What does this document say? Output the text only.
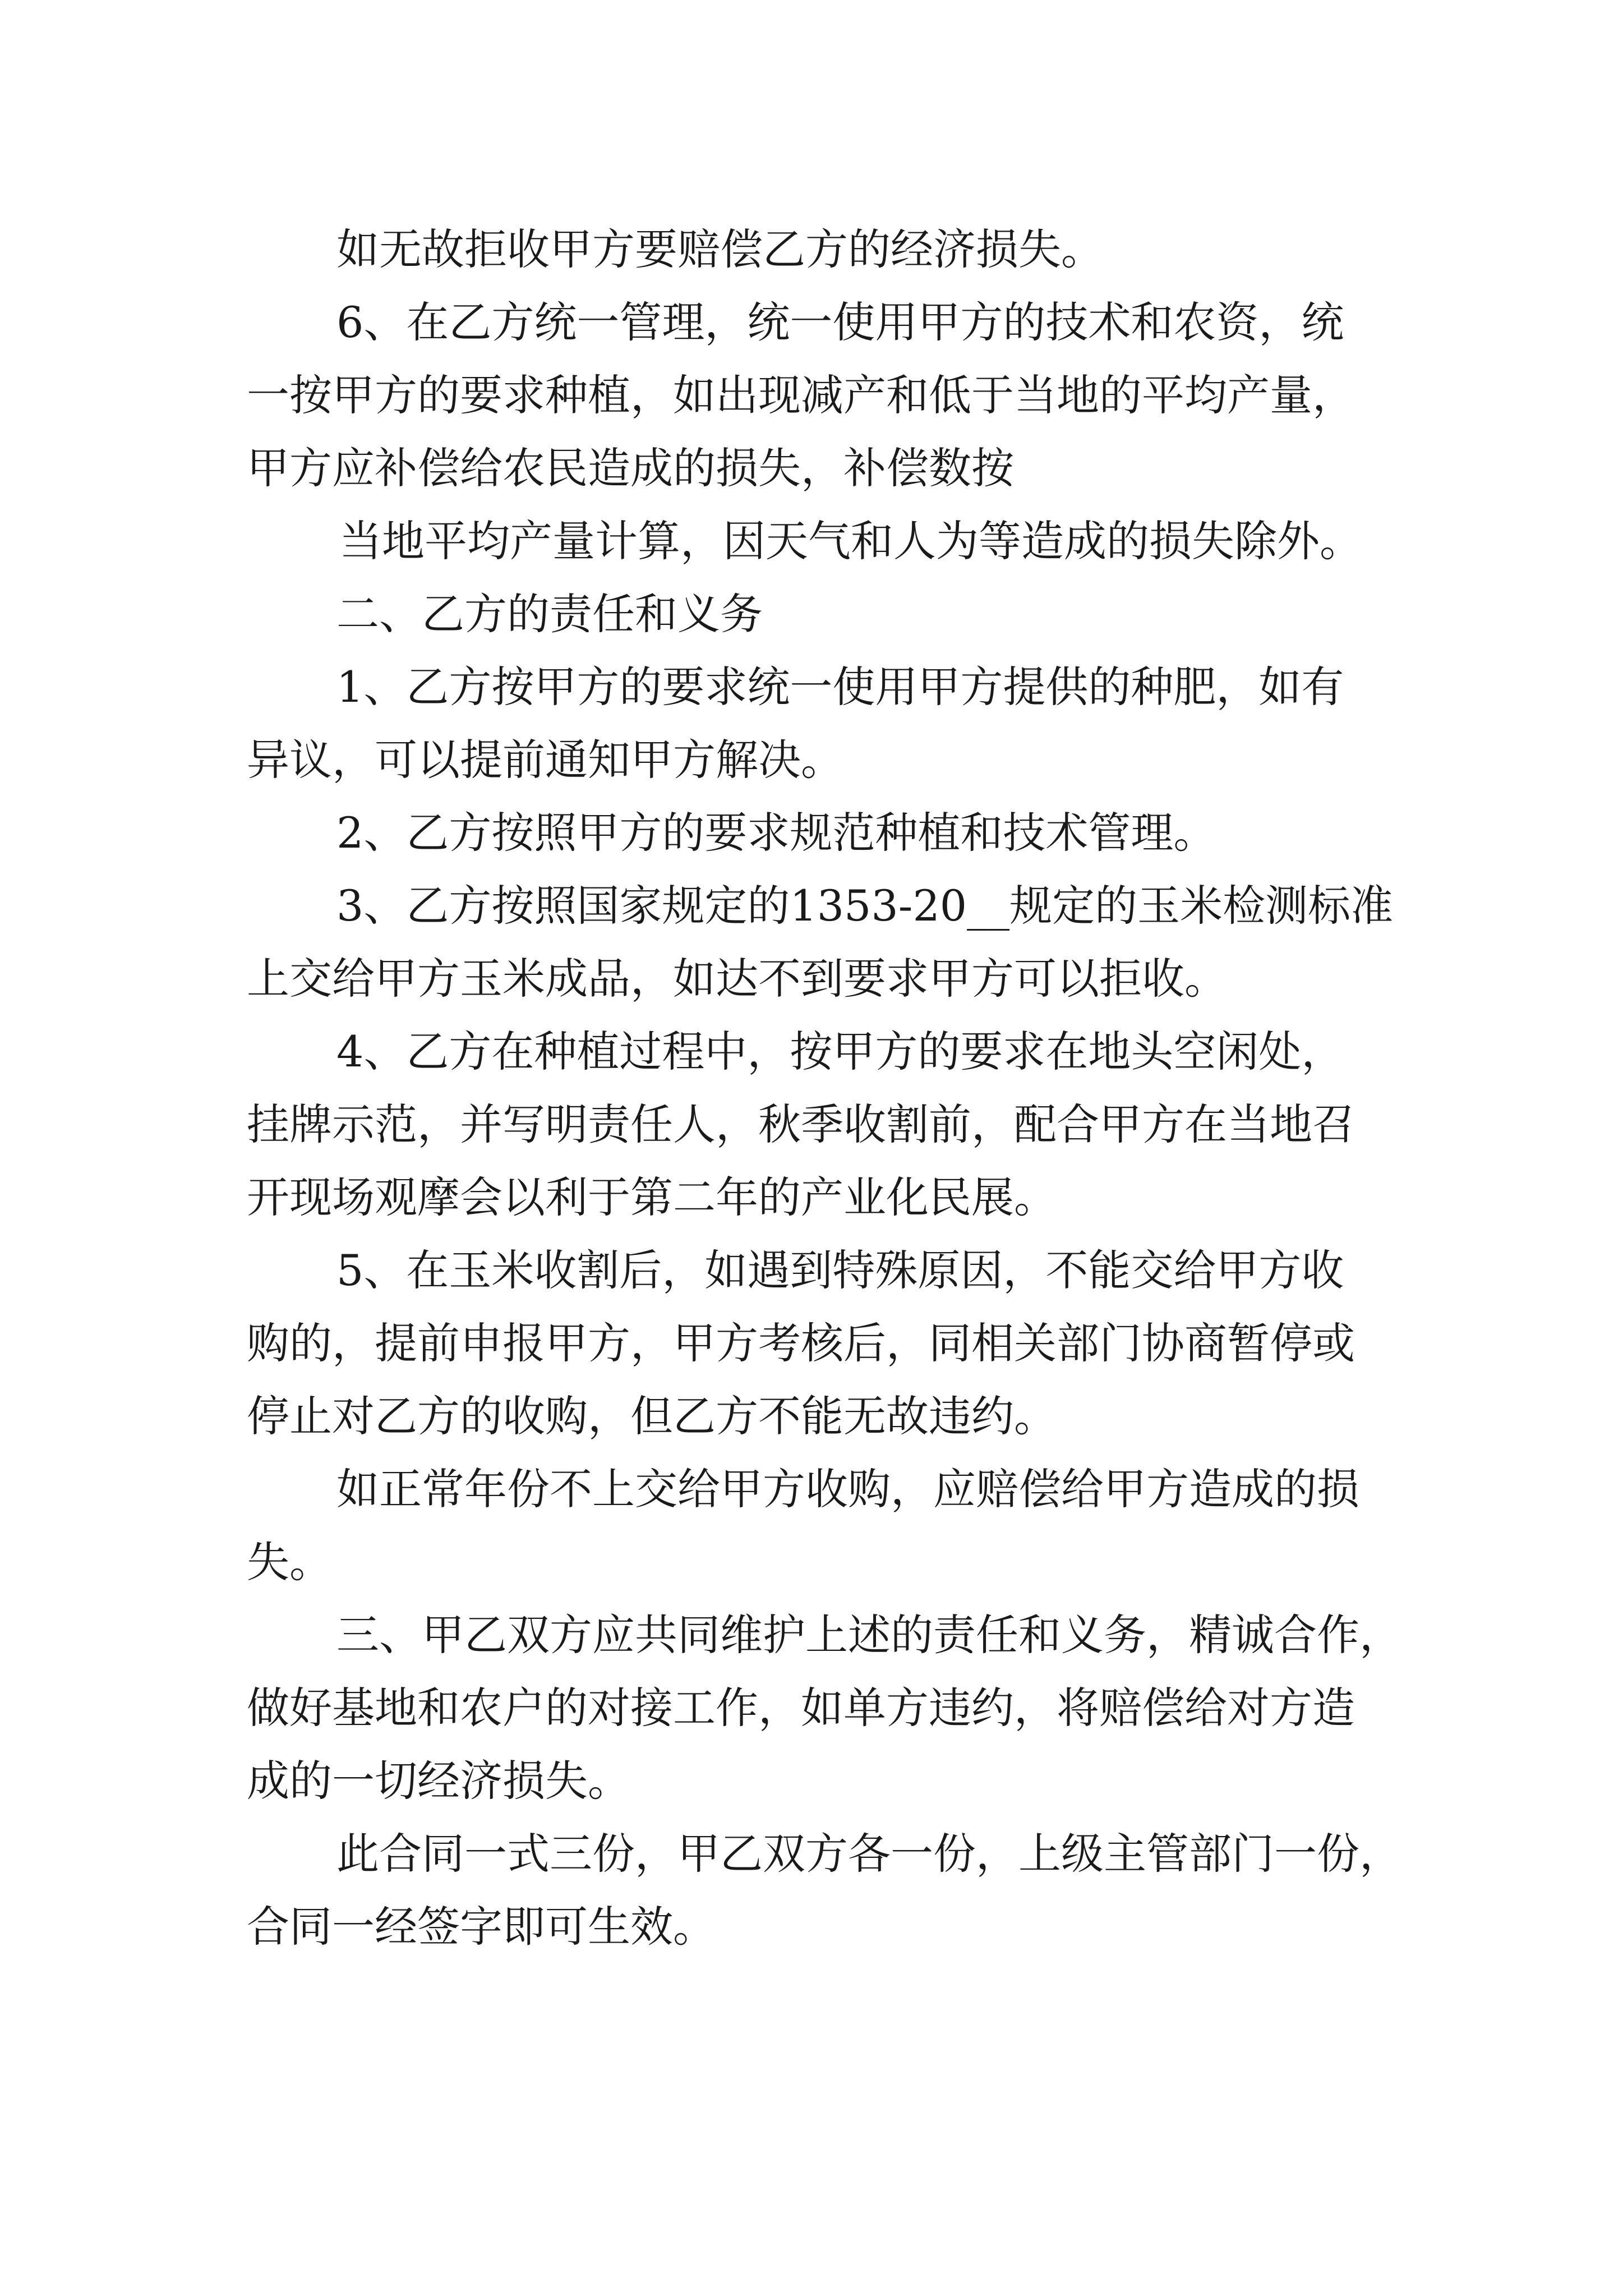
如无故拒收甲方要赔偿乙方的经济损失。

6、在乙方统一管理，统一使用甲方的技术和农资，统

一按甲方的要求种植，如出现减产和低于当地的平均产量，

甲方应补偿给农民造成的损失，补偿数按

当地平均产量计算，因天气和人为等造成的损失除外。

二、乙方的责任和义务

1、乙方按甲方的要求统一使用甲方提供的种肥，如有

异议，可以提前通知甲方解决。

2、乙方按照甲方的要求规范种植和技术管理。

3、乙方按照国家规定的1353-20__规定的玉米检测标准

上交给甲方玉米成品，如达不到要求甲方可以拒收。

4、乙方在种植过程中，按甲方的要求在地头空闲处，

挂牌示范，并写明责任人，秋季收割前，配合甲方在当地召

开现场观摩会以利于第二年的产业化民展。

5、在玉米收割后，如遇到特殊原因，不能交给甲方收

购的，提前申报甲方，甲方考核后，同相关部门协商暂停或

停止对乙方的收购，但乙方不能无故违约。

如正常年份不上交给甲方收购，应赔偿给甲方造成的损

失。

三、甲乙双方应共同维护上述的责任和义务，精诚合作，

做好基地和农户的对接工作，如单方违约，将赔偿给对方造

成的一切经济损失。

此合同一式三份，甲乙双方各一份，上级主管部门一份，

合同一经签字即可生效。
